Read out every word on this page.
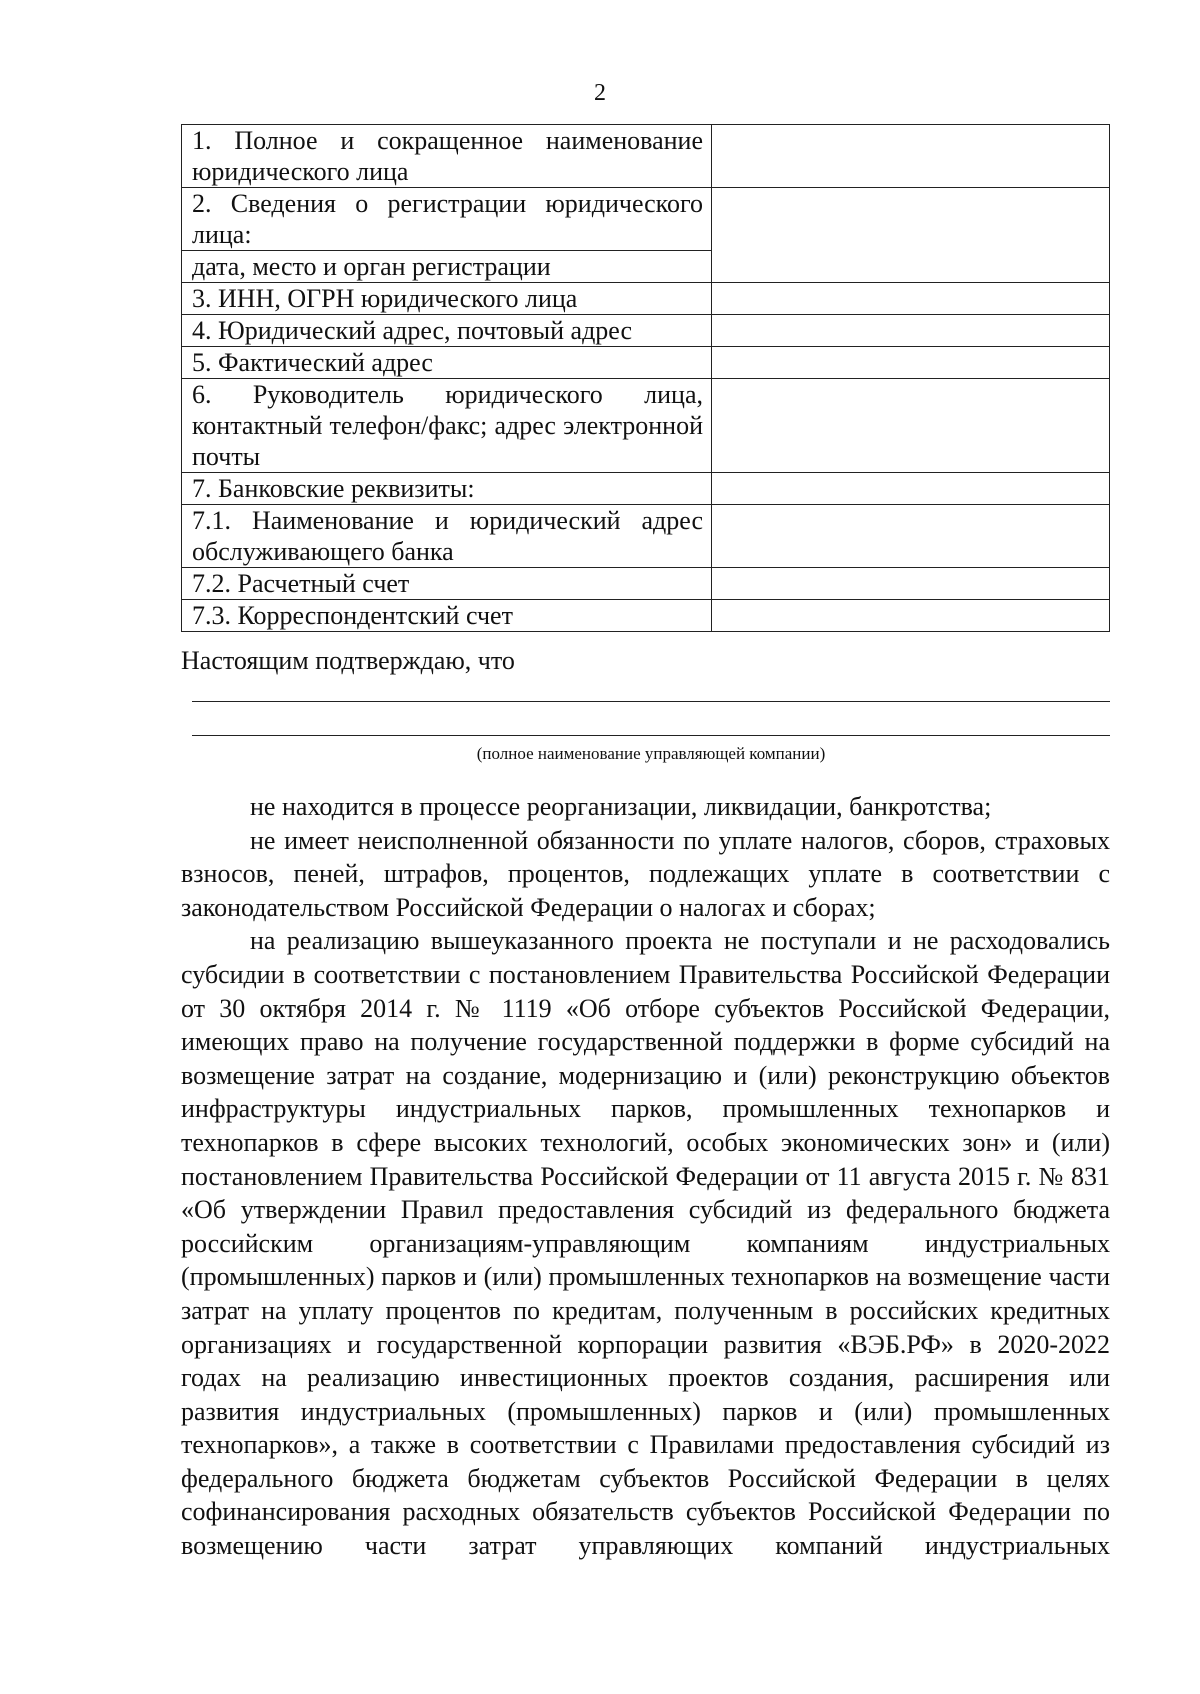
2
1. Полное и сокращенное наименование юридического лица	
2. Сведения о регистрации юридического лица:	
дата, место и орган регистрации	
3. ИНН, ОГРН юридического лица	
4. Юридический адрес, почтовый адрес	
5. Фактический адрес	
6. Руководитель юридического лица, контактный телефон/факс; адрес электронной почты	
7. Банковские реквизиты:	
7.1. Наименование и юридический адрес обслуживающего банка	
7.2. Расчетный счет	
7.3. Корреспондентский счет	
Настоящим подтверждаю, что
(полное наименование управляющей компании)

не находится в процессе реорганизации, ликвидации, банкротства;

не имеет неисполненной обязанности по уплате налогов, сборов, страховых взносов, пеней, штрафов, процентов, подлежащих уплате в соответствии с законодательством Российской Федерации о налогах и сборах;

на реализацию вышеуказанного проекта не поступали и не расходовались субсидии в соответствии с постановлением Правительства Российской Федерации от 30 октября 2014 г. № 1119 «Об отборе субъектов Российской Федерации, имеющих право на получение государственной поддержки в форме субсидий на возмещение затрат на создание, модернизацию и (или) реконструкцию объектов инфраструктуры индустриальных парков, промышленных технопарков и технопарков в сфере высоких технологий, особых экономических зон» и (или) постановлением Правительства Российской Федерации от 11 августа 2015 г. № 831 «Об утверждении Правил предоставления субсидий из федерального бюджета российским организациям-управляющим компаниям индустриальных (промышленных) парков и (или) промышленных технопарков на возмещение части затрат на уплату процентов по кредитам, полученным в российских кредитных организациях и государственной корпорации развития «ВЭБ.РФ» в 2020-2022 годах на реализацию инвестиционных проектов создания, расширения или развития индустриальных (промышленных) парков и (или) промышленных технопарков», а также в соответствии с Правилами предоставления субсидий из федерального бюджета бюджетам субъектов Российской Федерации в целях софинансирования расходных обязательств субъектов Российской Федерации по возмещению части затрат управляющих компаний индустриальных
